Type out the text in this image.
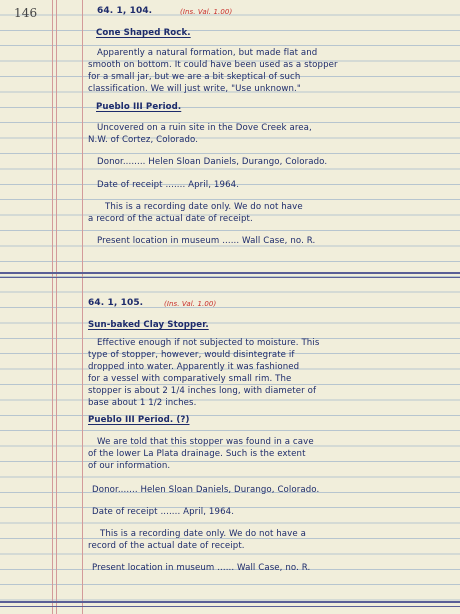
146	64. 1, 104.	(Ins. Val. 1.00)
Cone Shaped Rock.
Apparently a natural formation, but made flat and
smooth on bottom. It could have been used as a stopper
for a small jar, but we are a bit skeptical of such
classification. We will just write, "Use unknown."
Pueblo III Period.
Uncovered on a ruin site in the Dove Creek area,
N.W. of Cortez, Colorado.
Donor........ Helen Sloan Daniels, Durango, Colorado.
Date of receipt ....... April, 1964.
This is a recording date only. We do not have
a record of the actual date of receipt.
Present location in museum ...... Wall Case, no. R.
64. 1, 105.	(Ins. Val. 1.00)
Sun-baked Clay Stopper.
Effective enough if not subjected to moisture. This
type of stopper, however, would disintegrate if
dropped into water. Apparently it was fashioned
for a vessel with comparatively small rim. The
stopper is about 2 1/4 inches long, with diameter of
base about 1 1/2 inches.
Pueblo III Period. (?)
We are told that this stopper was found in a cave
of the lower La Plata drainage. Such is the extent
of our information.
Donor....... Helen Sloan Daniels, Durango, Colorado.
Date of receipt ....... April, 1964.
This is a recording date only. We do not have a
record of the actual date of receipt.
Present location in museum ...... Wall Case, no. R.
